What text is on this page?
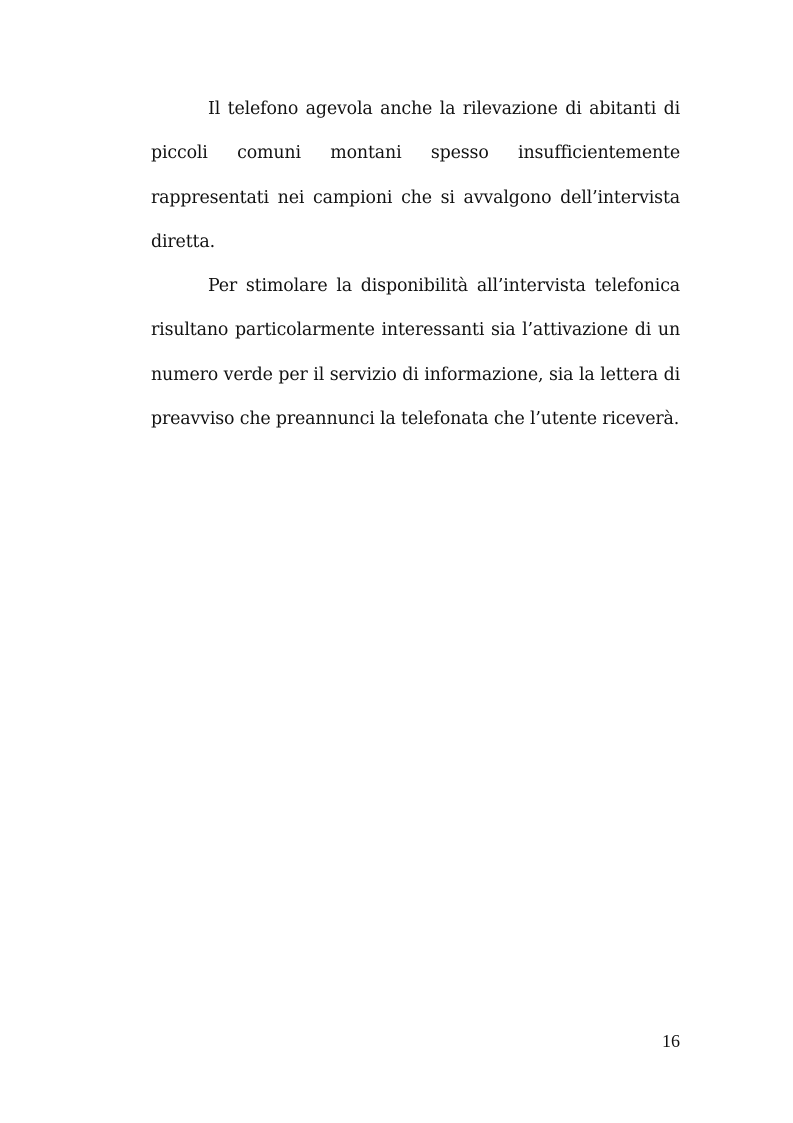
Il telefono agevola anche la rilevazione di abitanti di piccoli comuni montani spesso insufficientemente rappresentati nei campioni che si avvalgono dell’intervista diretta.

Per stimolare la disponibilità all’intervista telefonica risultano particolarmente interessanti sia l’attivazione di un numero verde per il servizio di informazione, sia la lettera di preavviso che preannunci la telefonata che l’utente riceverà.

16
